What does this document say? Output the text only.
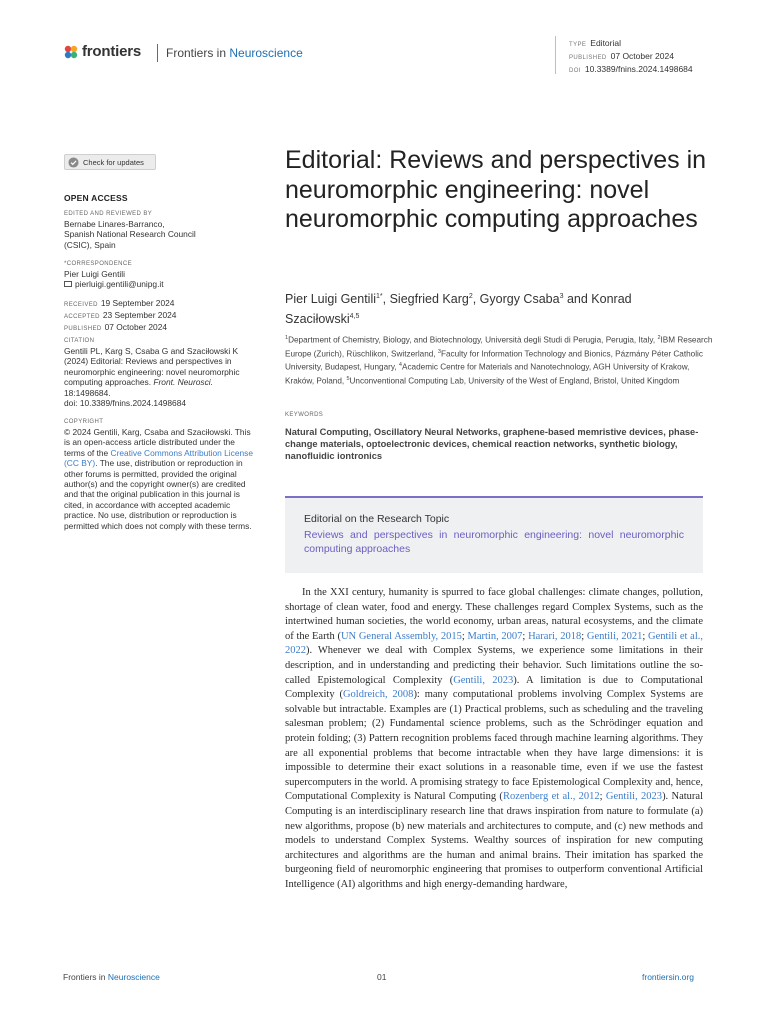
frontiers Frontiers in Neuroscience
TYPE Editorial
PUBLISHED 07 October 2024
DOI 10.3389/fnins.2024.1498684
Check for updates
OPEN ACCESS
EDITED AND REVIEWED BY
Bernabe Linares-Barranco,
Spanish National Research Council
(CSIC), Spain
*CORRESPONDENCE
Pier Luigi Gentili
pierluigi.gentili@unipg.it
RECEIVED 19 September 2024
ACCEPTED 23 September 2024
PUBLISHED 07 October 2024
CITATION
Gentili PL, Karg S, Csaba G and Szaciłowski K (2024) Editorial: Reviews and perspectives in neuromorphic engineering: novel neuromorphic computing approaches. Front. Neurosci. 18:1498684.
doi: 10.3389/fnins.2024.1498684
COPYRIGHT
© 2024 Gentili, Karg, Csaba and Szaciłowski. This is an open-access article distributed under the terms of the Creative Commons Attribution License (CC BY). The use, distribution or reproduction in other forums is permitted, provided the original author(s) and the copyright owner(s) are credited and that the original publication in this journal is cited, in accordance with accepted academic practice. No use, distribution or reproduction is permitted which does not comply with these terms.
Editorial: Reviews and perspectives in neuromorphic engineering: novel neuromorphic computing approaches
Pier Luigi Gentili$^{1*}$, Siegfried Karg$^2$, Gyorgy Csaba$^3$ and Konrad Szaciłowski$^{4,5}$
$^1$Department of Chemistry, Biology, and Biotechnology, Università degli Studi di Perugia, Perugia, Italy, $^2$IBM Research Europe (Zurich), Rüschlikon, Switzerland, $^3$Faculty for Information Technology and Bionics, Pázmány Péter Catholic University, Budapest, Hungary, $^4$Academic Centre for Materials and Nanotechnology, AGH University of Krakow, Kraków, Poland, $^5$Unconventional Computing Lab, University of the West of England, Bristol, United Kingdom
KEYWORDS
Natural Computing, Oscillatory Neural Networks, graphene-based memristive devices, phase-change materials, optoelectronic devices, chemical reaction networks, synthetic biology, nanofluidic iontronics
Editorial on the Research Topic
Reviews and perspectives in neuromorphic engineering: novel neuromorphic computing approaches
In the XXI century, humanity is spurred to face global challenges: climate changes, pollution, shortage of clean water, food and energy. These challenges regard Complex Systems, such as the intertwined human societies, the world economy, urban areas, natural ecosystems, and the climate of the Earth (UN General Assembly, 2015; Martin, 2007; Harari, 2018; Gentili, 2021; Gentili et al., 2022). Whenever we deal with Complex Systems, we experience some limitations in their description, and in understanding and predicting their behavior. Such limitations outline the so-called Epistemological Complexity (Gentili, 2023). A limitation is due to Computational Complexity (Goldreich, 2008): many computational problems involving Complex Systems are solvable but intractable. Examples are (1) Practical problems, such as scheduling and the traveling salesman problem; (2) Fundamental science problems, such as the Schrödinger equation and protein folding; (3) Pattern recognition problems faced through machine learning algorithms. They are all exponential problems that become intractable when they have large dimensions: it is impossible to determine their exact solutions in a reasonable time, even if we use the fastest supercomputers in the world. A promising strategy to face Epistemological Complexity and, hence, Computational Complexity is Natural Computing (Rozenberg et al., 2012; Gentili, 2023). Natural Computing is an interdisciplinary research line that draws inspiration from nature to formulate (a) new algorithms, propose (b) new materials and architectures to compute, and (c) new methods and models to understand Complex Systems. Wealthy sources of inspiration for new computing architectures and algorithms are the human and animal brains. Their imitation has sparked the burgeoning field of neuromorphic engineering that promises to outperform conventional Artificial Intelligence (AI) algorithms and high energy-demanding hardware,
Frontiers in Neuroscience	01	frontiersin.org
